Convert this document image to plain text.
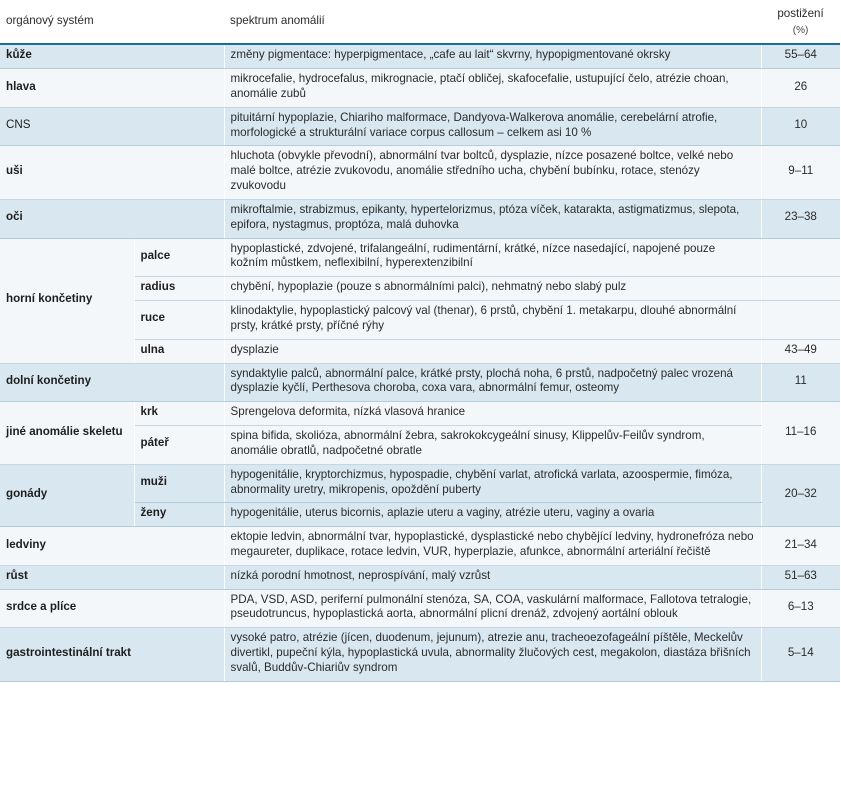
orgánový systém		spektrum anomálií	postižení
(%)
kůže		změny pigmentace: hyperpigmentace, „cafe au lait“ skvrny, hypopigmentované okrsky	55–64
hlava		mikrocefalie, hydrocefalus, mikrognacie, ptačí obličej, skafocefalie, ustupující čelo, atrézie choan, anomálie zubů	26
CNS		pituitární hypoplazie, Chiariho malformace, Dandyova-Walkerova anomálie, cerebelární atrofie, morfologické a strukturální variace corpus callosum – celkem asi 10 %	10
uši		hluchota (obvykle převodní), abnormální tvar boltců, dysplazie, nízce posazené boltce, velké nebo malé boltce, atrézie zvukovodu, anomálie středního ucha, chybění bubínku, rotace, stenózy zvukovodu	9–11
oči		mikroftalmie, strabizmus, epikanty, hypertelorizmus, ptóza víček, katarakta, astigmatizmus, slepota, epifora, nystagmus, proptóza, malá duhovka	23–38
horní končetiny	palce	hypoplastické, zdvojené, trifalangeální, rudimentární, krátké, nízce nasedající, napojené pouze kožním můstkem, neflexibilní, hyperextenzibilní	
	radius	chybění, hypoplazie (pouze s abnormálními palci), nehmatný nebo slabý pulz	
	ruce	klinodaktylie, hypoplastický palcový val (thenar), 6 prstů, chybění 1. metakarpu, dlouhé abnormální prsty, krátké prsty, příčné rýhy	
	ulna	dysplazie	43–49
dolní končetiny		syndaktylie palců, abnormální palce, krátké prsty, plochá noha, 6 prstů, nadpočetný palec vrozená dysplazie kyčlí, Perthesova choroba, coxa vara, abnormální femur, osteomy	11
jiné anomálie skeletu	krk	Sprengelova deformita, nízká vlasová hranice	11–16
	páteř	spina bifida, skolióza, abnormální žebra, sakrokokcygeální sinusy, Klippelův-Feilův syndrom, anomálie obratlů, nadpočetné obratle	
gonády	muži	hypogenitálie, kryptorchizmus, hypospadie, chybění varlat, atrofická varlata, azoospermie, fimóza, abnormality uretry, mikropenis, opoždění puberty	20–32
	ženy	hypogenitálie, uterus bicornis, aplazie uteru a vaginy, atrézie uteru, vaginy a ovaria	
ledviny		ektopie ledvin, abnormální tvar, hypoplastické, dysplastické nebo chybějící ledviny, hydronefróza nebo megaureter, duplikace, rotace ledvin, VUR, hyperplazie, afunkce, abnormální arteriální řečiště	21–34
růst		nízká porodní hmotnost, neprospívání, malý vzrůst	51–63
srdce a plíce		PDA, VSD, ASD, periferní pulmonální stenóza, SA, COA, vaskulární malformace, Fallotova tetralogie, pseudotruncus, hypoplastická aorta, abnormální plicní drenáž, zdvojený aortální oblouk	6–13
gastrointestinální trakt		vysoké patro, atrézie (jícen, duodenum, jejunum), atrezie anu, tracheoezofageální píštěle, Meckelův divertikl, pupeční kýla, hypoplastická uvula, abnormality žlučových cest, megakolon, diastáza břišních svalů, Buddův-Chiariův syndrom	5–14
